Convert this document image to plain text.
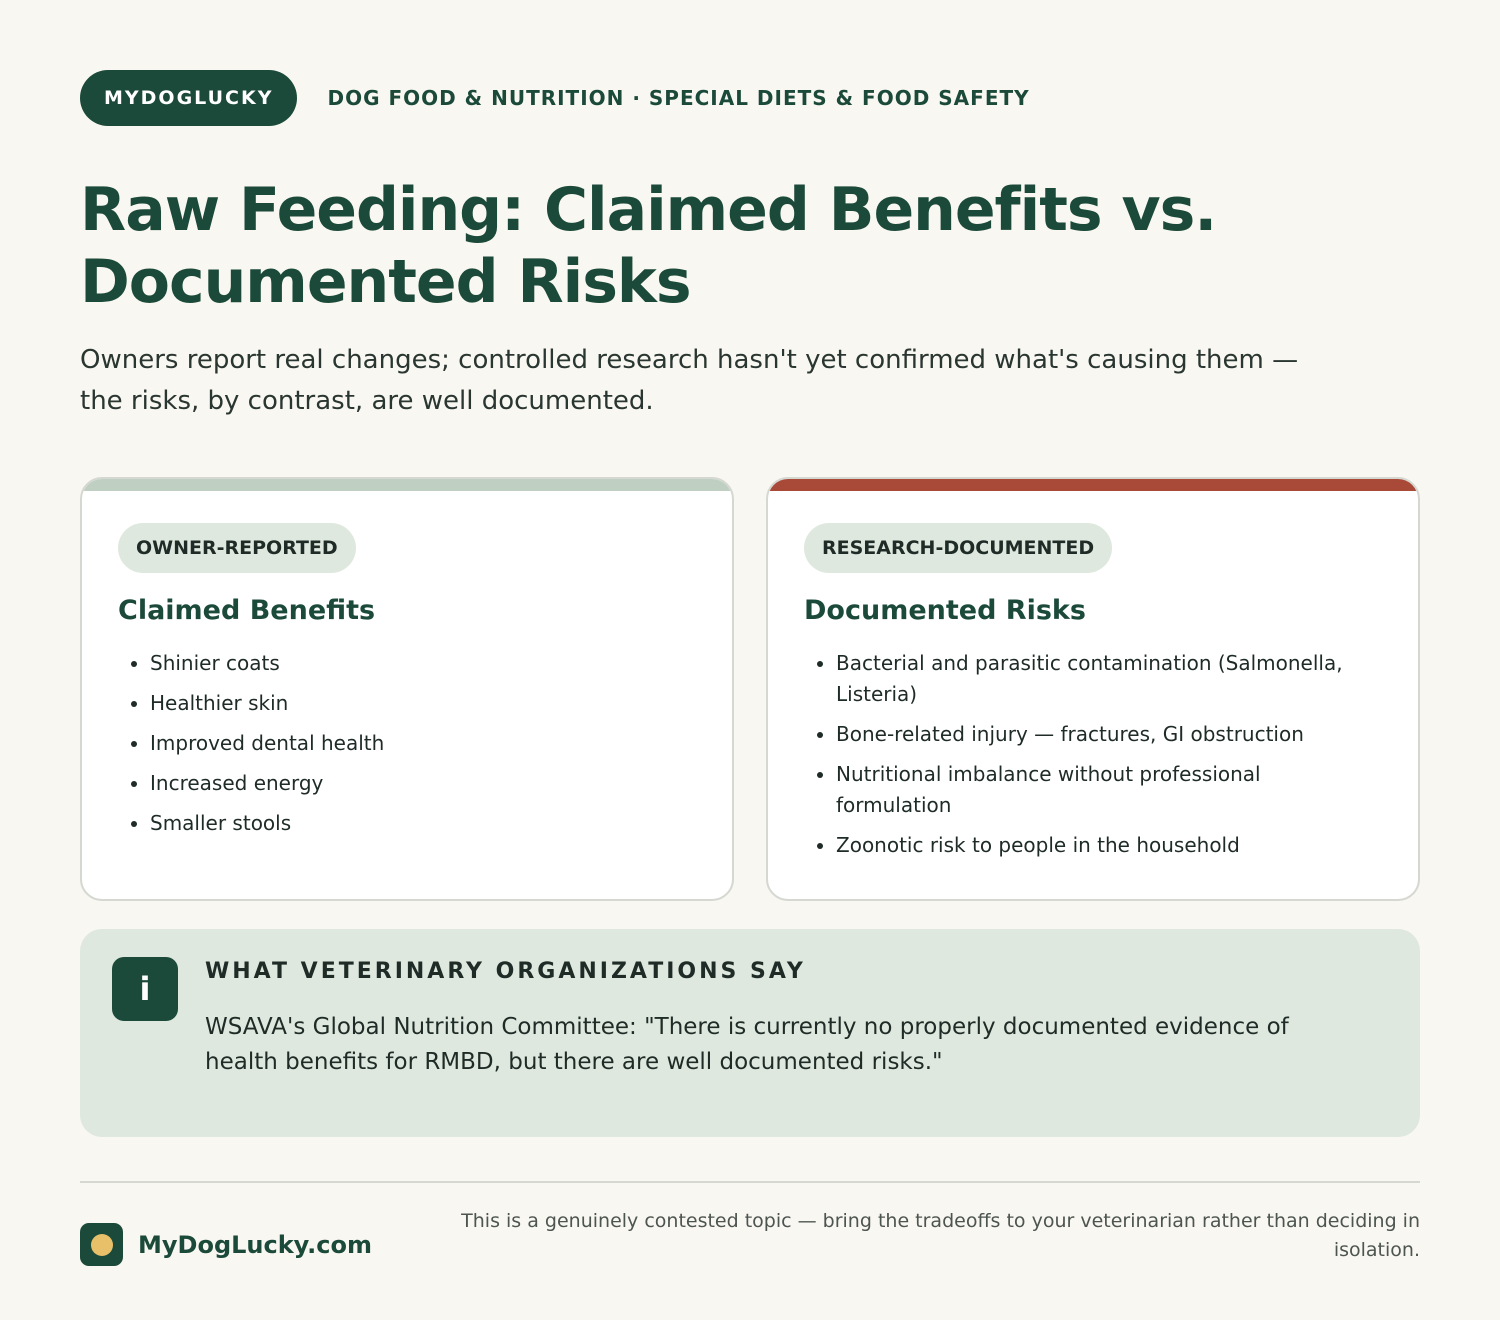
MYDOGLUCKY	DOG FOOD & NUTRITION · SPECIAL DIETS & FOOD SAFETY
Raw Feeding: Claimed Benefits vs. Documented Risks

Owners report real changes; controlled research hasn't yet confirmed what's causing them — the risks, by contrast, are well documented.

OWNER-REPORTED
Claimed Benefits
• Shinier coats
• Healthier skin
• Improved dental health
• Increased energy
• Smaller stools
RESEARCH-DOCUMENTED
Documented Risks
• Bacterial and parasitic contamination (Salmonella, Listeria)
• Bone-related injury — fractures, GI obstruction
• Nutritional imbalance without professional formulation
• Zoonotic risk to people in the household
i	WHAT VETERINARY ORGANIZATIONS SAY
WSAVA's Global Nutrition Committee: "There is currently no properly documented evidence of health benefits for RMBD, but there are well documented risks."
MyDogLucky.com
This is a genuinely contested topic — bring the tradeoffs to your veterinarian rather than deciding in isolation.
